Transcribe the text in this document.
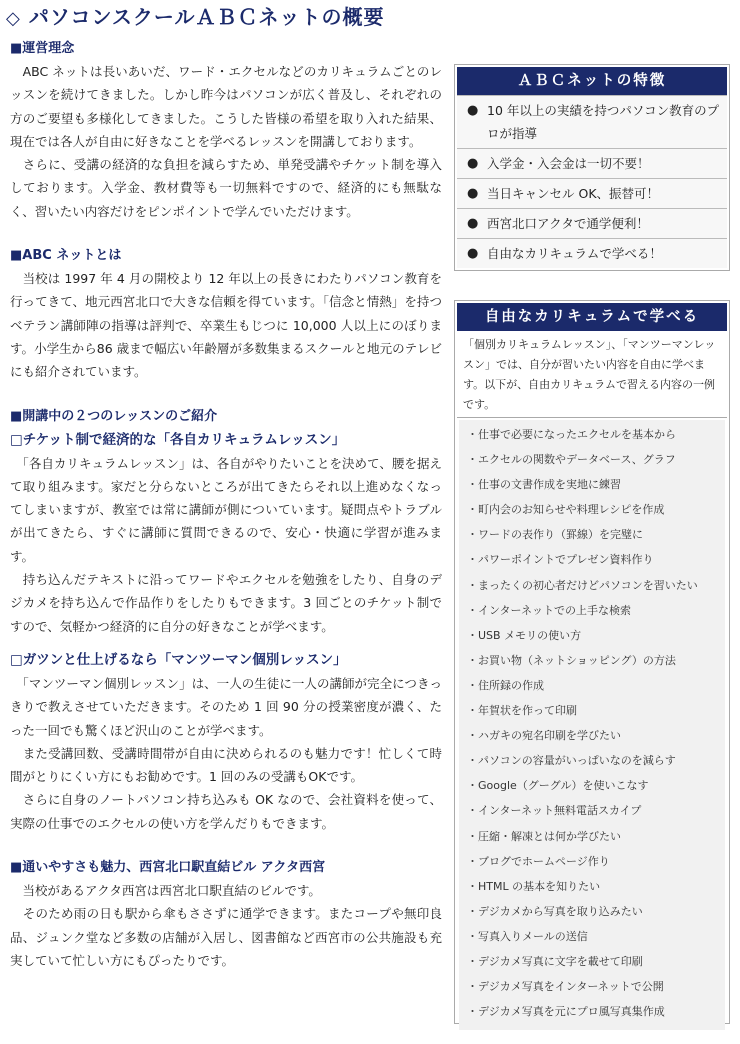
◇ パソコンスクールＡＢＣネットの概要
■運営理念

　ABC ネットは長いあいだ、ワード・エクセルなどのカリキュラムごとのレッスンを続けてきました。しかし昨今はパソコンが広く普及し、それぞれの方のご要望も多様化してきました。こうした皆様の希望を取り入れた結果、現在では各人が自由に好きなことを学べるレッスンを開講しております。

　さらに、受講の経済的な負担を減らすため、単発受講やチケット制を導入しております。入学金、教材費等も一切無料ですので、経済的にも無駄なく、習いたい内容だけをピンポイントで学んでいただけます。

■ABC ネットとは

　当校は 1997 年 4 月の開校より 12 年以上の長きにわたりパソコン教育を行ってきて、地元西宮北口で大きな信頼を得ています。「信念と情熱」を持つベテラン講師陣の指導は評判で、卒業生もじつに 10,000 人以上にのぼります。小学生から86 歳まで幅広い年齢層が多数集まるスクールと地元のテレビにも紹介されています。

■開講中の２つのレッスンのご紹介
□チケット制で経済的な「各自カリキュラムレッスン」

　「各自カリキュラムレッスン」は、各自がやりたいことを決めて、腰を据えて取り組みます。家だと分らないところが出てきたらそれ以上進めなくなってしまいますが、教室では常に講師が側についています。疑問点やトラブルが出てきたら、すぐに講師に質問できるので、安心・快適に学習が進みます。

　持ち込んだテキストに沿ってワードやエクセルを勉強をしたり、自身のデジカメを持ち込んで作品作りをしたりもできます。3 回ごとのチケット制ですので、気軽かつ経済的に自分の好きなことが学べます。

□ガツンと仕上げるなら「マンツーマン個別レッスン」

　「マンツーマン個別レッスン」は、一人の生徒に一人の講師が完全につきっきりで教えさせていただきます。そのため 1 回 90 分の授業密度が濃く、たった一回でも驚くほど沢山のことが学べます。

　また受講回数、受講時間帯が自由に決められるのも魅力です！忙しくて時間がとりにくい方にもお勧めです。1 回のみの受講もOKです。

　さらに自身のノートパソコン持ち込みも OK なので、会社資料を使って、実際の仕事でのエクセルの使い方を学んだりもできます。

■通いやすさも魅力、西宮北口駅直結ビル アクタ西宮

　当校があるアクタ西宮は西宮北口駅直結のビルです。

　そのため雨の日も駅から傘もささずに通学できます。またコープや無印良品、ジュンク堂など多数の店舗が入居し、図書館など西宮市の公共施設も充実していて忙しい方にもぴったりです。

ＡＢＣネットの特徴
● 10 年以上の実績を持つパソコン教育のプロが指導
● 入学金・入会金は一切不要！
● 当日キャンセル OK、振替可！
● 西宮北口アクタで通学便利！
● 自由なカリキュラムで学べる！
自由なカリキュラムで学べる
「個別カリキュラムレッスン」、「マンツーマンレッスン」では、自分が習いたい内容を自由に学べます。以下が、自由カリキュラムで習える内容の一例です。
・仕事で必要になったエクセルを基本から
・エクセルの関数やデータベース、グラフ
・仕事の文書作成を実地に練習
・町内会のお知らせや料理レシピを作成
・ワードの表作り（罫線）を完璧に
・パワーポイントでプレゼン資料作り
・まったくの初心者だけどパソコンを習いたい
・インターネットでの上手な検索
・USB メモリの使い方
・お買い物（ネットショッピング）の方法
・住所録の作成
・年賀状を作って印刷
・ハガキの宛名印刷を学びたい
・パソコンの容量がいっぱいなのを減らす
・Google（グーグル）を使いこなす
・インターネット無料電話スカイプ
・圧縮・解凍とは何か学びたい
・ブログでホームページ作り
・HTML の基本を知りたい
・デジカメから写真を取り込みたい
・写真入りメールの送信
・デジカメ写真に文字を載せて印刷
・デジカメ写真をインターネットで公開
・デジカメ写真を元にプロ風写真集作成
